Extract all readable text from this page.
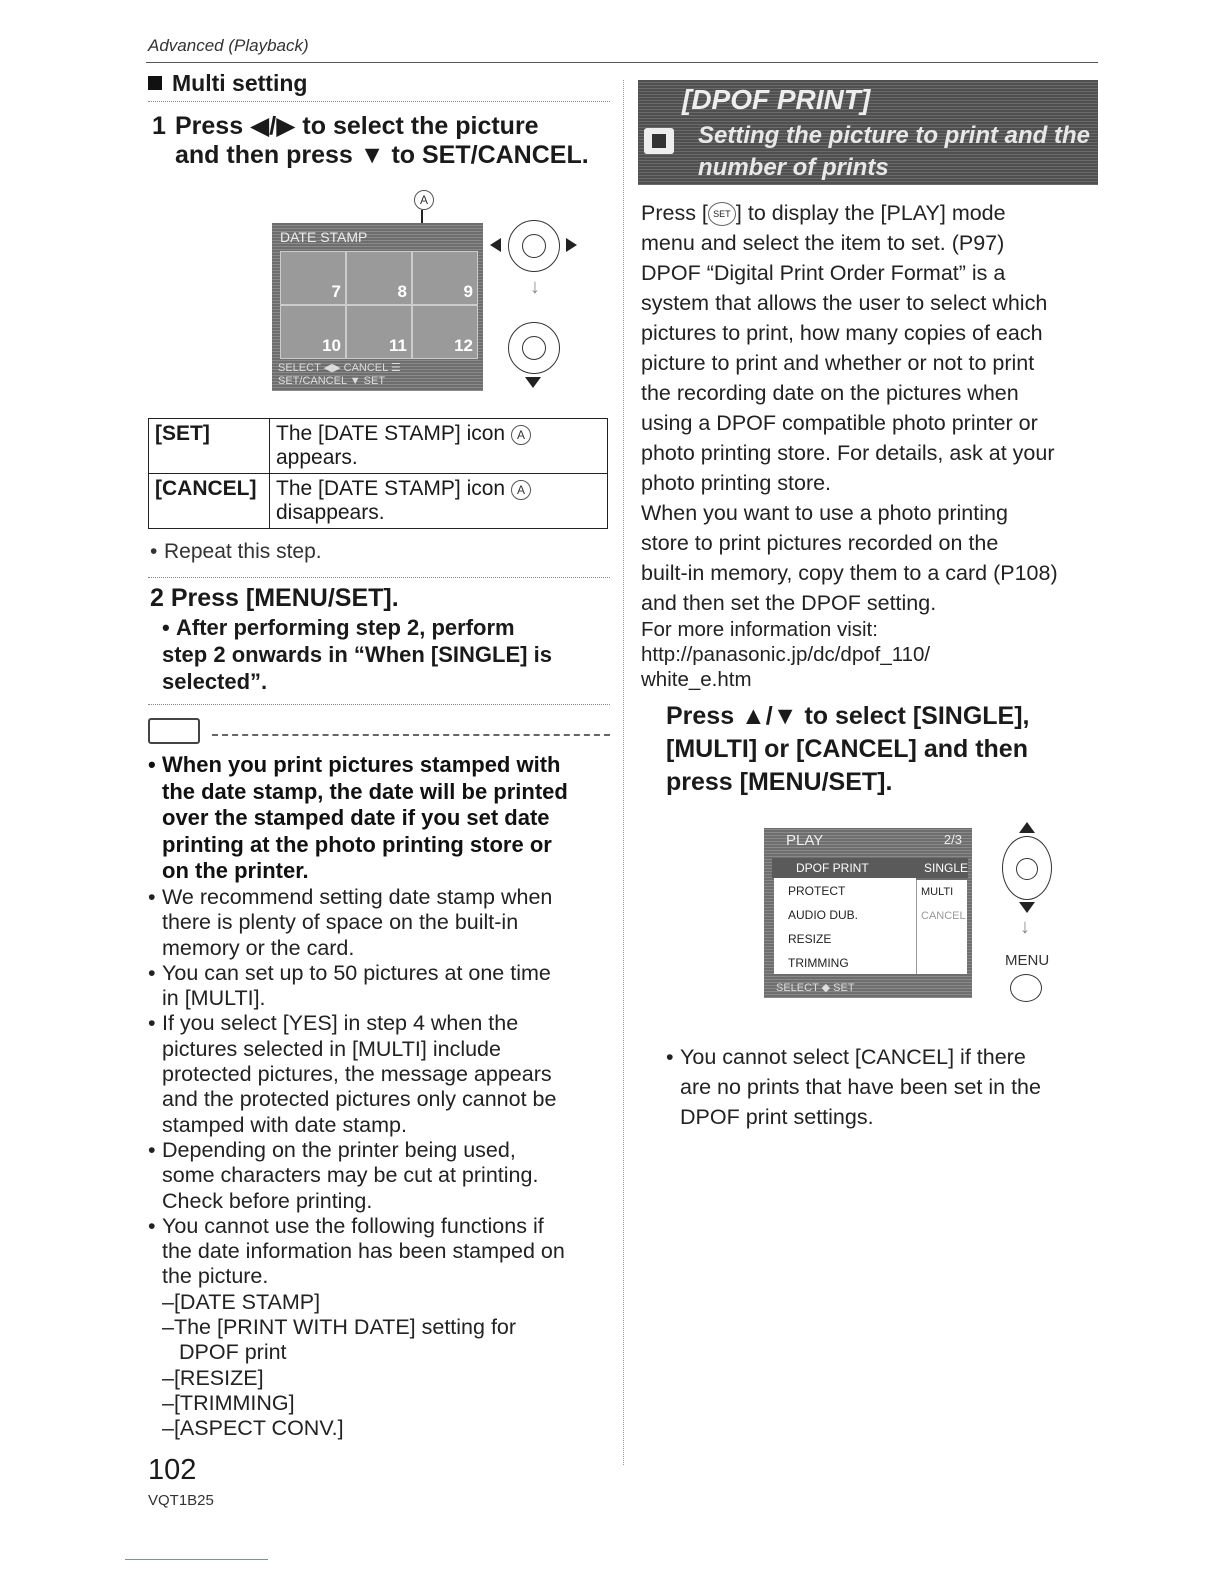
Advanced (Playback)
Multi setting
1 Press ◀/▶ to select the picture
and then press ▼ to SET/CANCEL.
A
DATE STAMP
7	8	9
10	11	12
SELECT ◀▶ CANCEL ☰
SET/CANCEL ▼ SET
↓
[SET]	The [DATE STAMP] icon A
appears.
[CANCEL]	The [DATE STAMP] icon A
disappears.
• Repeat this step.
2 Press [MENU/SET].
• After performing step 2, perform
step 2 onwards in “When [SINGLE] is
selected”.
• When you print pictures stamped with
the date stamp, the date will be printed
over the stamped date if you set date
printing at the photo printing store or
on the printer.
• We recommend setting date stamp when
there is plenty of space on the built-in
memory or the card.
• You can set up to 50 pictures at one time
in [MULTI].
• If you select [YES] in step 4 when the
pictures selected in [MULTI] include
protected pictures, the message appears
and the protected pictures only cannot be
stamped with date stamp.
• Depending on the printer being used,
some characters may be cut at printing.
Check before printing.
• You cannot use the following functions if
the date information has been stamped on
the picture.
–[DATE STAMP]
–The [PRINT WITH DATE] setting for
DPOF print
–[RESIZE]
–[TRIMMING]
–[ASPECT CONV.]
102
VQT1B25
[DPOF PRINT]
Setting the picture to print and the
number of prints
Press [ SET ] to display the [PLAY] mode
menu and select the item to set. (P97)
DPOF “Digital Print Order Format” is a
system that allows the user to select which
pictures to print, how many copies of each
picture to print and whether or not to print
the recording date on the pictures when
using a DPOF compatible photo printer or
photo printing store. For details, ask at your
photo printing store.
When you want to use a photo printing
store to print pictures recorded on the
built-in memory, copy them to a card (P108)
and then set the DPOF setting.
For more information visit:
http://panasonic.jp/dc/dpof_110/
white_e.htm
Press ▲/▼ to select [SINGLE],
[MULTI] or [CANCEL] and then
press [MENU/SET].
PLAY	2/3
PROTECT
AUDIO DUB.
RESIZE
TRIMMING
DPOF PRINT	SINGLE
MULTI
CANCEL
SELECT ◆ SET
↓
MENU
• You cannot select [CANCEL] if there
are no prints that have been set in the
DPOF print settings.
